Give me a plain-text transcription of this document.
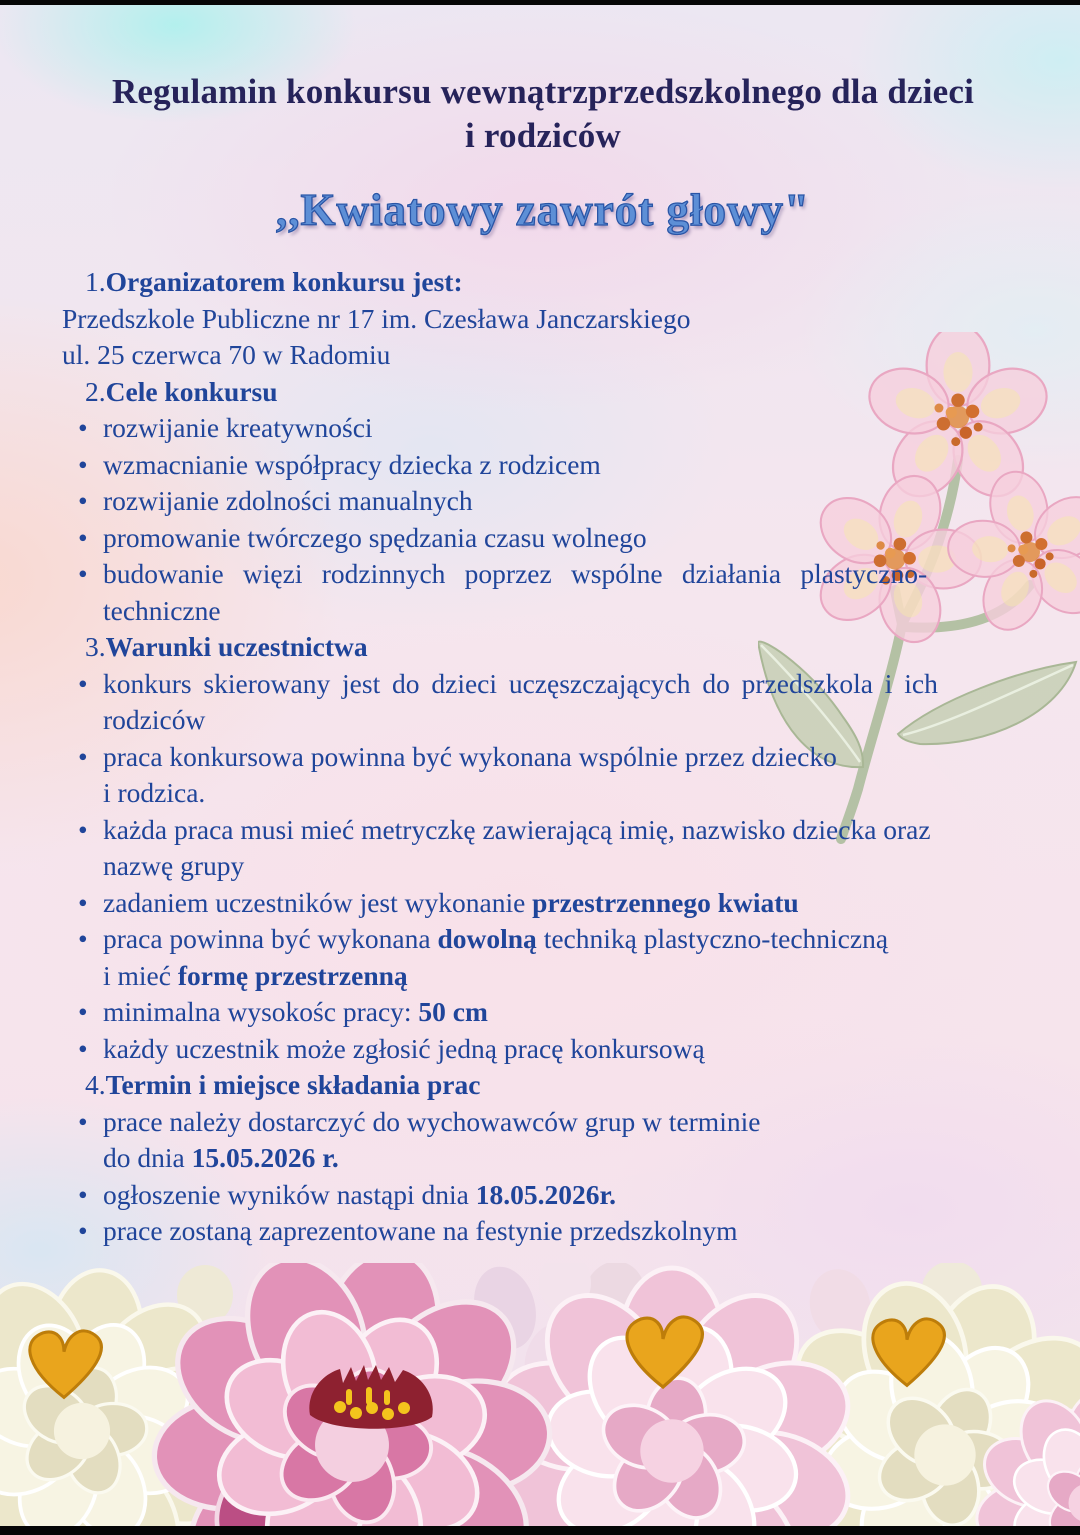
Regulamin konkursu wewnątrzprzedszkolnego dla dzieci
i rodziców
,,Kwiatowy zawrót głowy"
1.Organizatorem konkursu jest:
Przedszkole Publiczne nr 17 im. Czesława Janczarskiego
ul. 25 czerwca 70 w Radomiu
2.Cele konkursu
• rozwijanie kreatywności
• wzmacnianie współpracy dziecka z rodzicem
• rozwijanie zdolności manualnych
• promowanie twórczego spędzania czasu wolnego
• budowanie więzi rodzinnych poprzez wspólne działania plastyczno-
techniczne
3.Warunki uczestnictwa
• konkurs skierowany jest do dzieci uczęszczających do przedszkola i ich
rodziców
• praca konkursowa powinna być wykonana wspólnie przez dziecko
i rodzica.
• każda praca musi mieć metryczkę zawierającą imię, nazwisko dziecka oraz
nazwę grupy
• zadaniem uczestników jest wykonanie przestrzennego kwiatu
• praca powinna być wykonana dowolną techniką plastyczno-techniczną
i mieć formę przestrzenną
• minimalna wysokośc pracy: 50 cm
• każdy uczestnik może zgłosić jedną pracę konkursową
4.Termin i miejsce składania prac
• prace należy dostarczyć do wychowawców grup w terminie
do dnia 15.05.2026 r.
• ogłoszenie wyników nastąpi dnia 18.05.2026r.
• prace zostaną zaprezentowane na festynie przedszkolnym
